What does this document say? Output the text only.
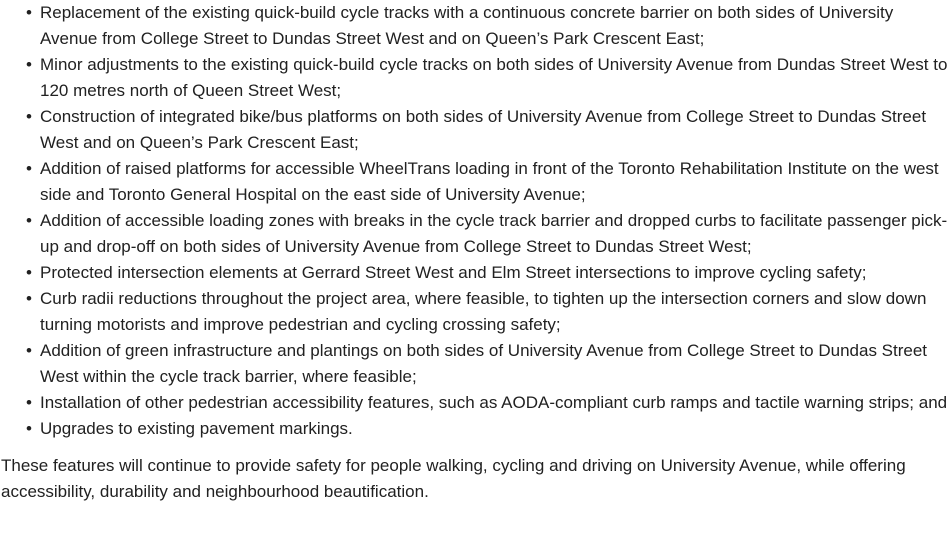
• Replacement of the existing quick-build cycle tracks with a continuous concrete barrier on both sides of University Avenue from College Street to Dundas Street West and on Queen’s Park Crescent East;
• Minor adjustments to the existing quick-build cycle tracks on both sides of University Avenue from Dundas Street West to 120 metres north of Queen Street West;
• Construction of integrated bike/bus platforms on both sides of University Avenue from College Street to Dundas Street West and on Queen’s Park Crescent East;
• Addition of raised platforms for accessible WheelTrans loading in front of the Toronto Rehabilitation Institute on the west side and Toronto General Hospital on the east side of University Avenue;
• Addition of accessible loading zones with breaks in the cycle track barrier and dropped curbs to facilitate passenger pick-up and drop-off on both sides of University Avenue from College Street to Dundas Street West;
• Protected intersection elements at Gerrard Street West and Elm Street intersections to improve cycling safety;
• Curb radii reductions throughout the project area, where feasible, to tighten up the intersection corners and slow down turning motorists and improve pedestrian and cycling crossing safety;
• Addition of green infrastructure and plantings on both sides of University Avenue from College Street to Dundas Street West within the cycle track barrier, where feasible;
• Installation of other pedestrian accessibility features, such as AODA-compliant curb ramps and tactile warning strips; and
• Upgrades to existing pavement markings.

These features will continue to provide safety for people walking, cycling and driving on University Avenue, while offering accessibility, durability and neighbourhood beautification.
